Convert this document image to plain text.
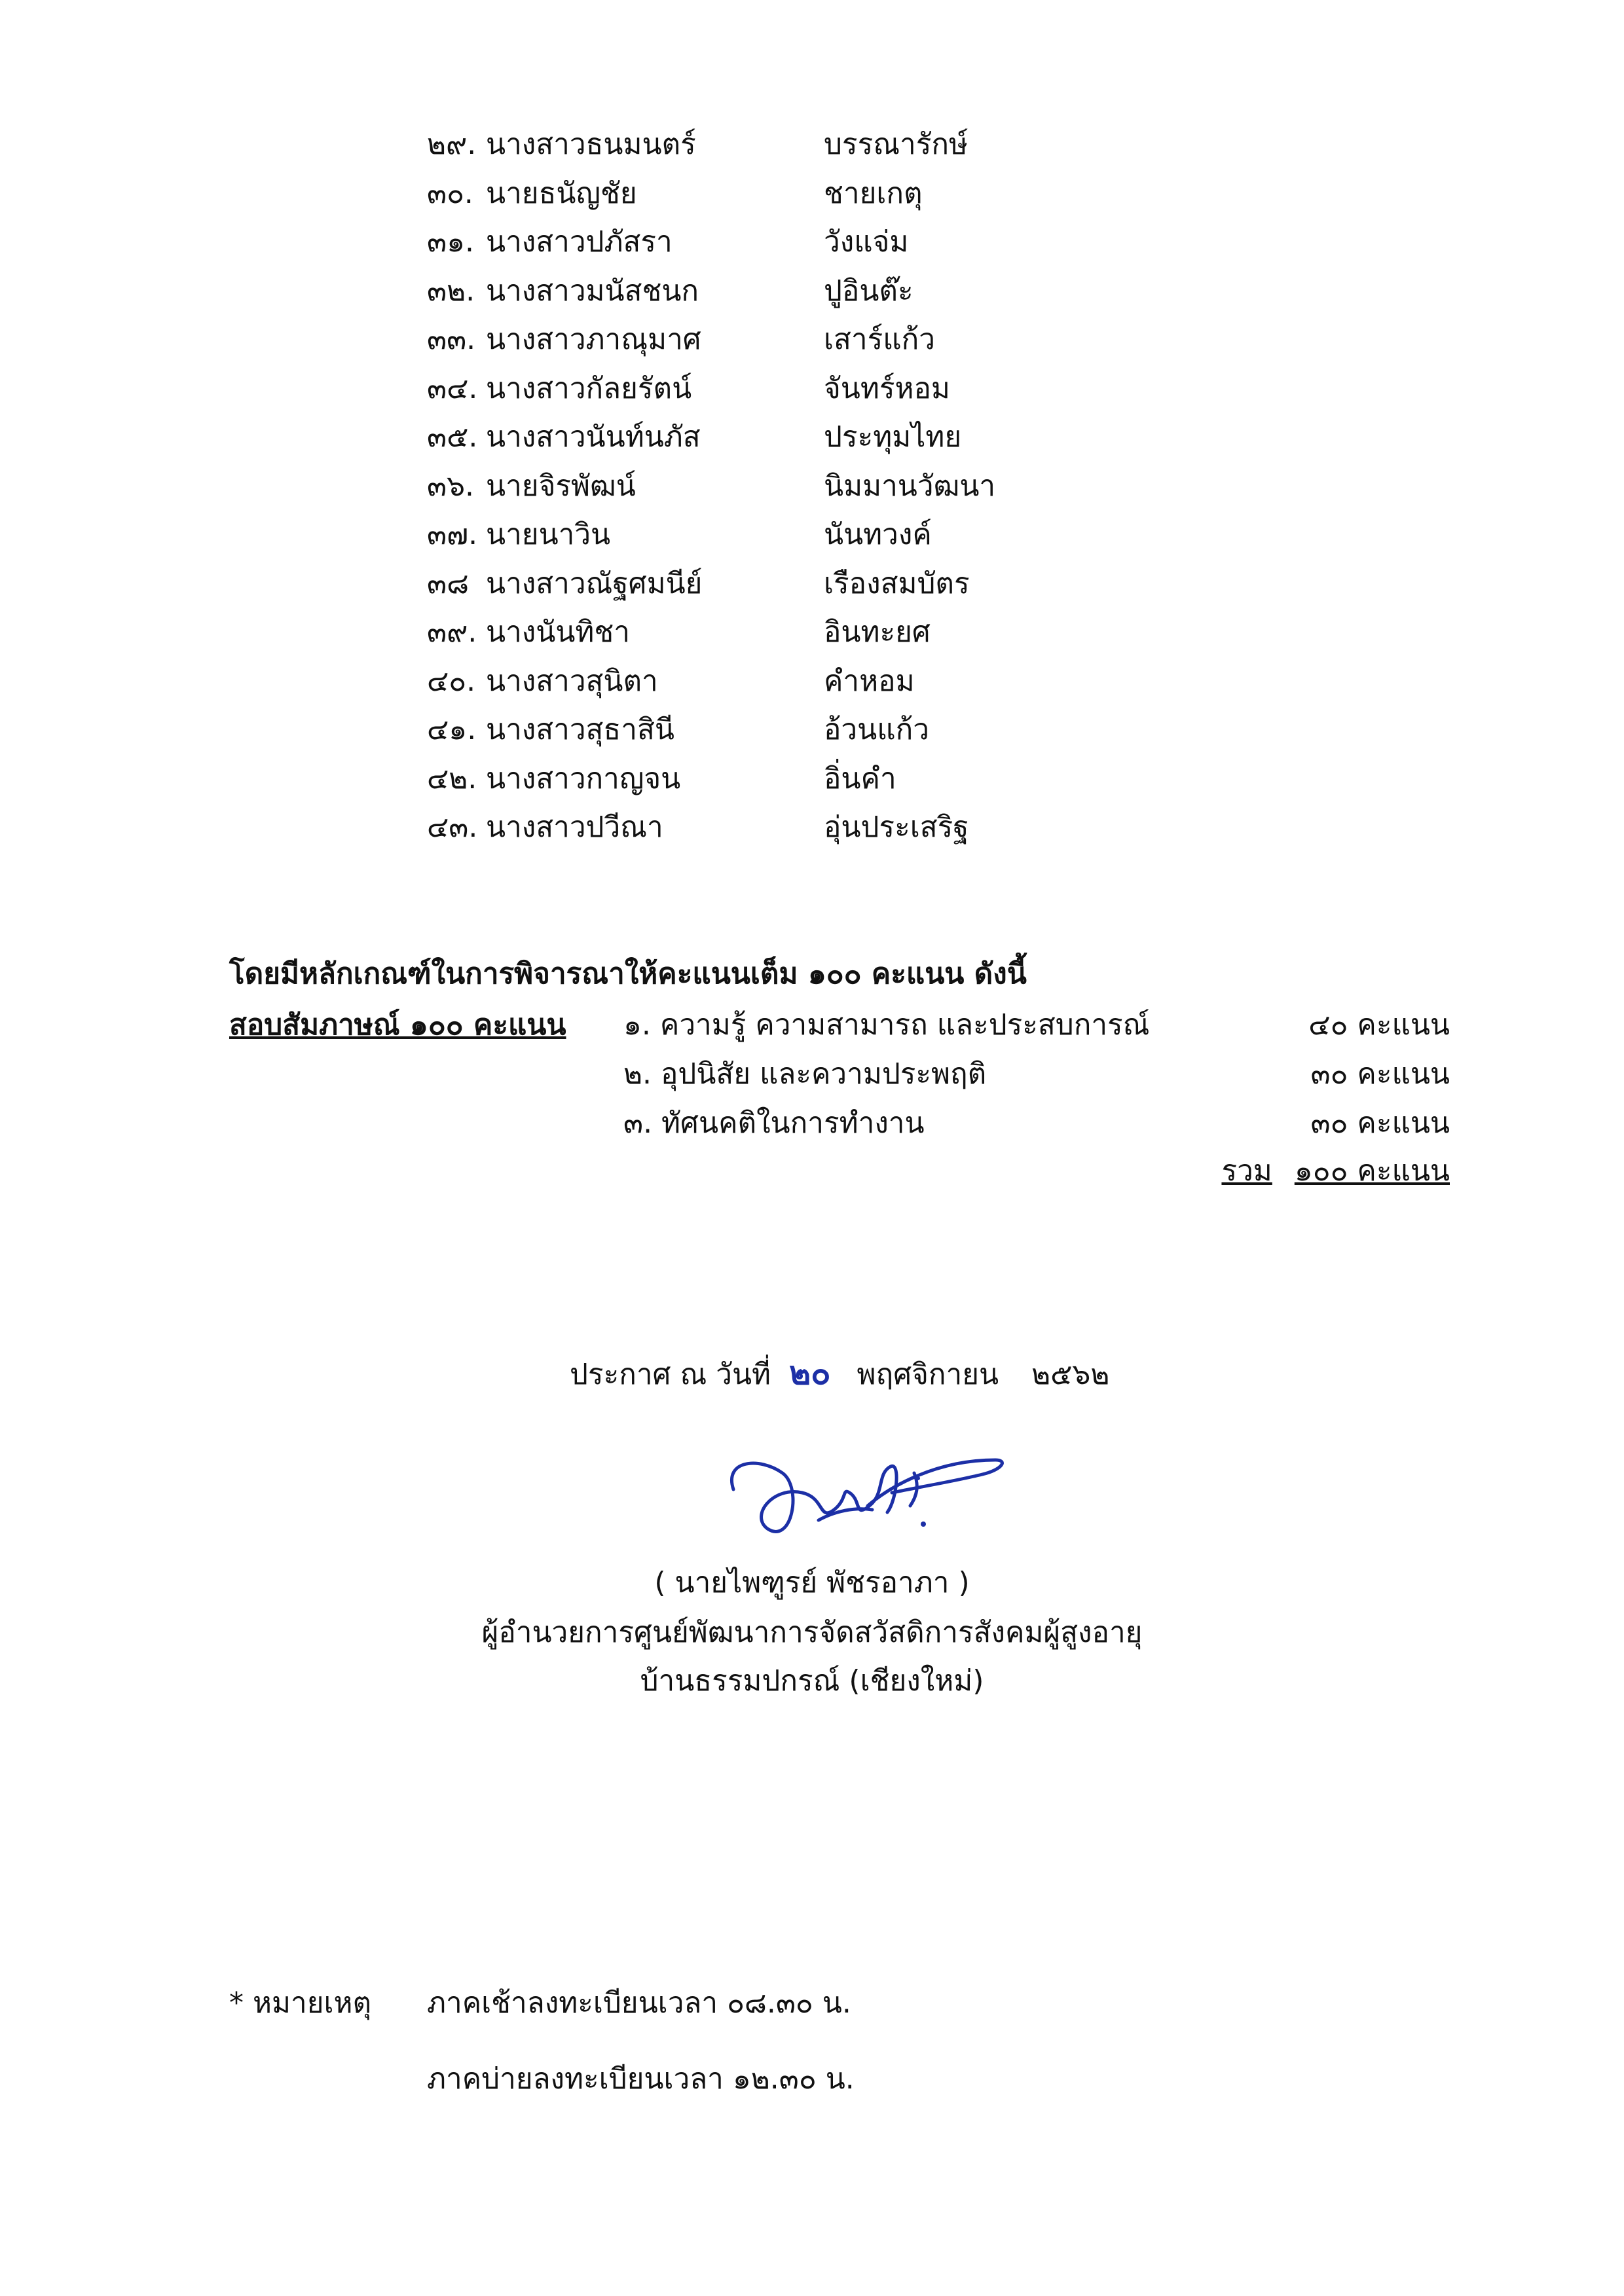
๒๙. นางสาวธนมนตร์	บรรณารักษ์
๓๐. นายธนัญชัย	ชายเกตุ
๓๑. นางสาวปภัสรา	วังแจ่ม
๓๒. นางสาวมนัสชนก	ปูอินต๊ะ
๓๓. นางสาวภาณุมาศ	เสาร์แก้ว
๓๔. นางสาวกัลยรัตน์	จันทร์หอม
๓๕. นางสาวนันท์นภัส	ประทุมไทย
๓๖. นายจิรพัฒน์	นิมมานวัฒนา
๓๗. นายนาวิน	นันทวงค์
๓๘ นางสาวณัฐศมนีย์	เรืองสมบัตร
๓๙. นางนันทิชา	อินทะยศ
๔๐. นางสาวสุนิตา	คำหอม
๔๑. นางสาวสุธาสินี	อ้วนแก้ว
๔๒. นางสาวกาญจน	อิ่นคำ
๔๓. นางสาวปวีณา	อุ่นประเสริฐ
โดยมีหลักเกณฑ์ในการพิจารณาให้คะแนนเต็ม ๑๐๐ คะแนน ดังนี้
สอบสัมภาษณ์ ๑๐๐ คะแนน ๑. ความรู้ ความสามารถ และประสบการณ์	๔๐ คะแนน
๒. อุปนิสัย และความประพฤติ	๓๐ คะแนน
๓. ทัศนคติในการทำงาน	๓๐ คะแนน
รวม ๑๐๐ คะแนน
ประกาศ ณ วันที่ ๒๐ พฤศจิกายน ๒๕๖๒
( นายไพฑูรย์ พัชรอาภา )
ผู้อำนวยการศูนย์พัฒนาการจัดสวัสดิการสังคมผู้สูงอายุ
บ้านธรรมปกรณ์ (เชียงใหม่)
* หมายเหตุ ภาคเช้าลงทะเบียนเวลา ๐๘.๓๐ น.
ภาคบ่ายลงทะเบียนเวลา ๑๒.๓๐ น.
